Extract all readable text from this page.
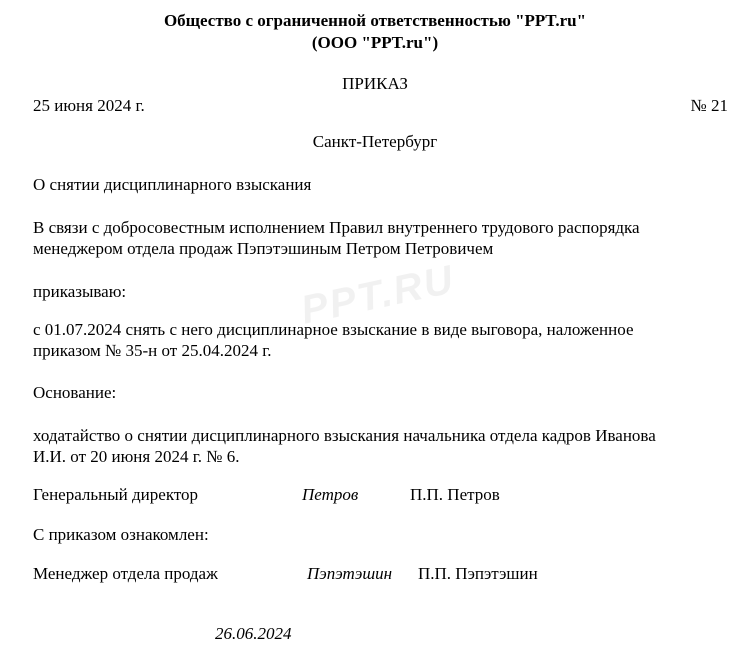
PPT.RU
Общество с ограниченной ответственностью "PPT.ru"
(ООО "PPT.ru")
ПРИКАЗ
25 июня 2024 г.	№ 21
Санкт-Петербург
О снятии дисциплинарного взыскания
В связи с добросовестным исполнением Правил внутреннего трудового распорядка
менеджером отдела продаж Пэпэтэшиным Петром Петровичем
приказываю:
с 01.07.2024 снять с него дисциплинарное взыскание в виде выговора, наложенное
приказом № 35-н от 25.04.2024 г.
Основание:
ходатайство о снятии дисциплинарного взыскания начальника отдела кадров Иванова
И.И. от 20 июня 2024 г. № 6.
Генеральный директор	Петров	П.П. Петров
С приказом ознакомлен:
Менеджер отдела продаж	Пэпэтэшин П.П. Пэпэтэшин
26.06.2024
